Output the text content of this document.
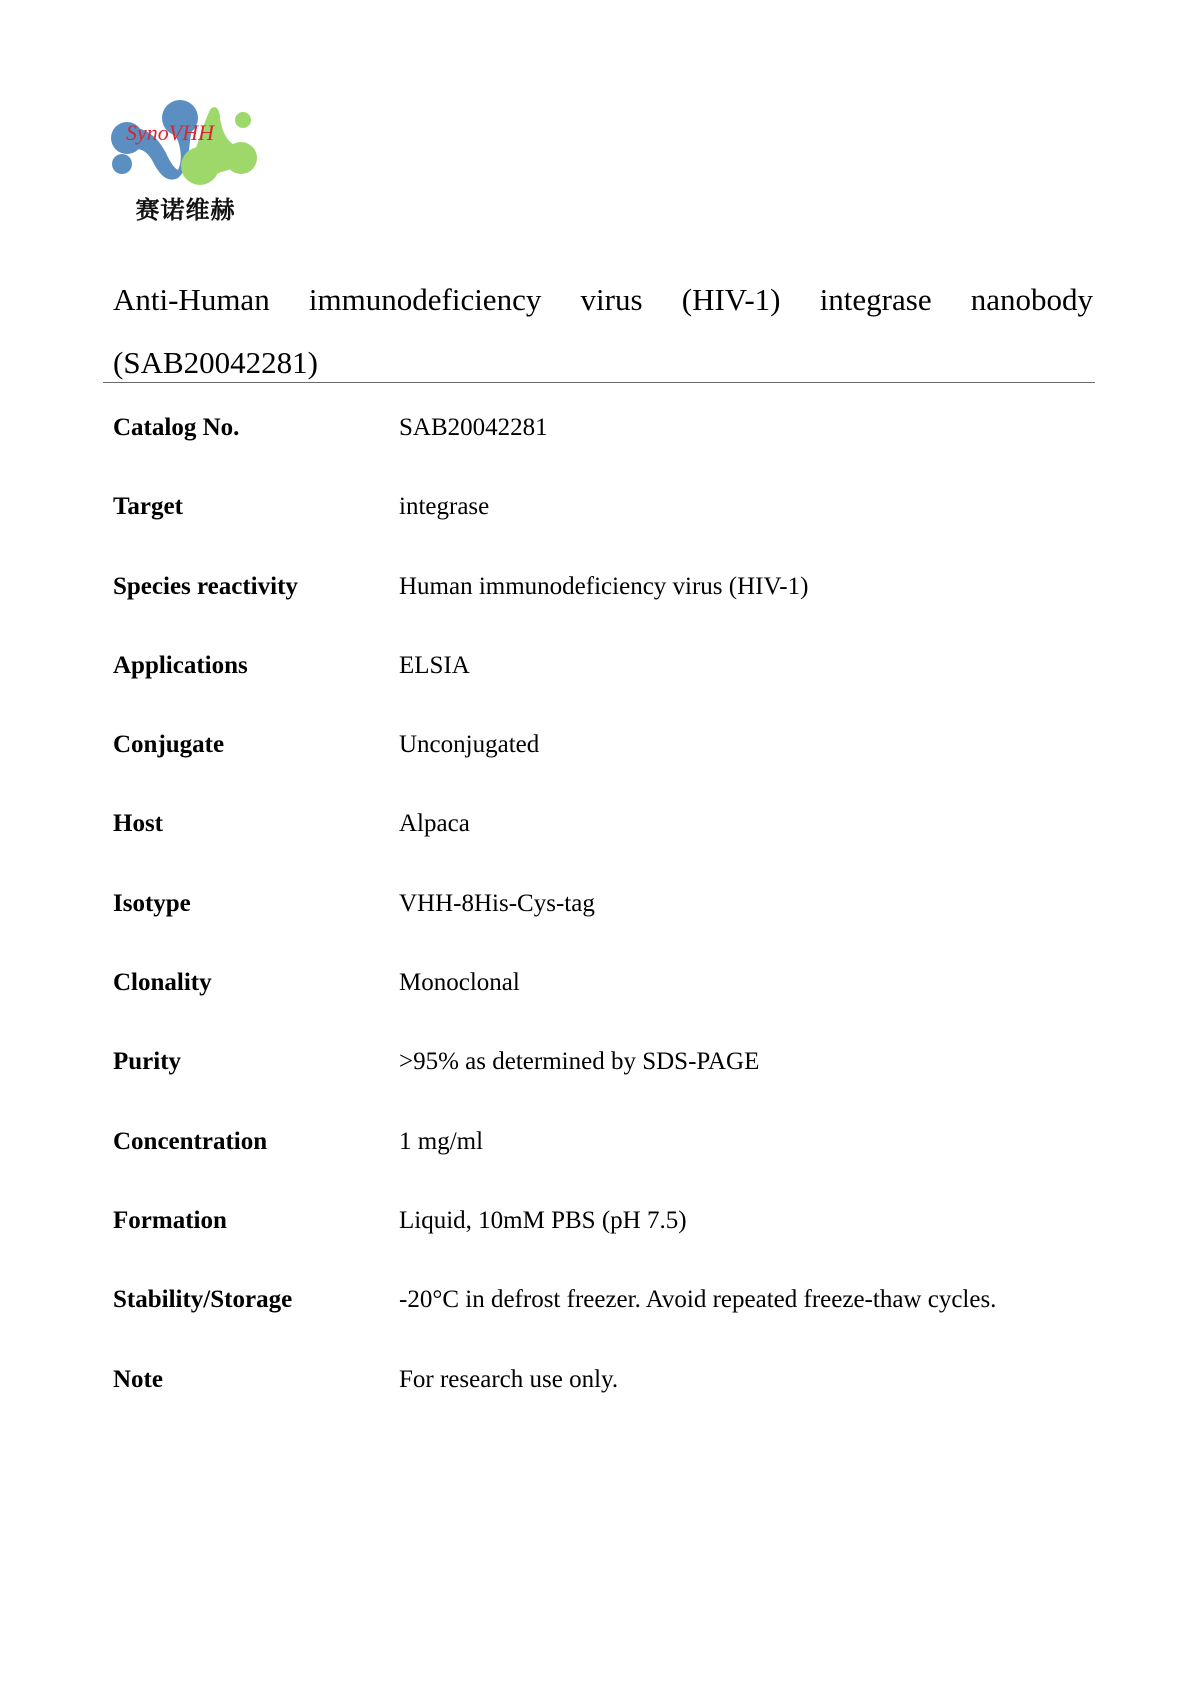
SynoVHH
赛诺维赫
Anti-Human immunodeficiency virus (HIV-1) integrase nanobody
(SAB20042281)
Catalog No.	SAB20042281
Target	integrase
Species reactivity	Human immunodeficiency virus (HIV-1)
Applications	ELSIA
Conjugate	Unconjugated
Host	Alpaca
Isotype	VHH-8His-Cys-tag
Clonality	Monoclonal
Purity	>95% as determined by SDS-PAGE
Concentration	1 mg/ml
Formation	Liquid, 10mM PBS (pH 7.5)
Stability/Storage	-20°C in defrost freezer. Avoid repeated freeze-thaw cycles.
Note	For research use only.
